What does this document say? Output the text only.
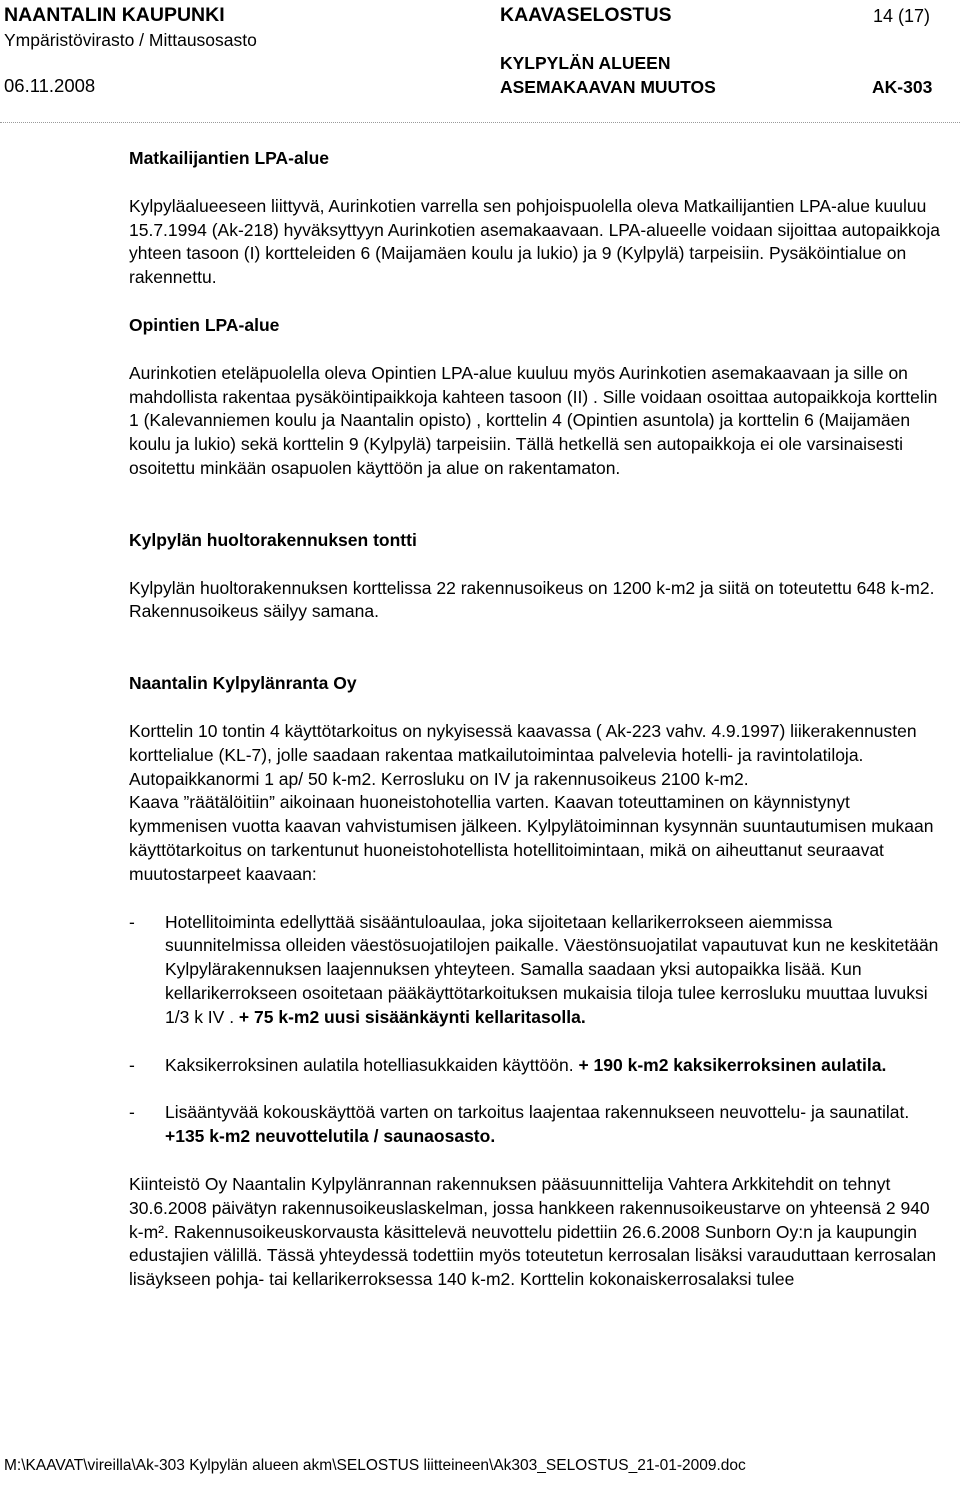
NAANTALIN KAUPUNKI
Ympäristövirasto / Mittausosasto
06.11.2008
KAAVASELOSTUS
KYLPYLÄN ALUEEN
ASEMAKAAVAN MUUTOS
14 (17)
AK-303

Matkailijantien LPA-alue

Kylpyläalueeseen liittyvä, Aurinkotien varrella sen pohjoispuolella oleva Matkailijantien LPA-alue kuuluu 15.7.1994 (Ak-218) hyväksyttyyn Aurinkotien asemakaavaan. LPA-alueelle voidaan sijoittaa autopaikkoja yhteen tasoon (I) kortteleiden 6 (Maijamäen koulu ja lukio) ja 9 (Kylpylä) tarpeisiin. Pysäköintialue on rakennettu.

Opintien LPA-alue

Aurinkotien eteläpuolella oleva Opintien LPA-alue kuuluu myös Aurinkotien asemakaavaan ja sille on mahdollista rakentaa pysäköintipaikkoja kahteen tasoon (II) . Sille voidaan osoittaa autopaikkoja korttelin 1 (Kalevanniemen koulu ja Naantalin opisto) , korttelin 4 (Opintien asuntola) ja korttelin 6 (Maijamäen koulu ja lukio) sekä korttelin 9 (Kylpylä) tarpeisiin. Tällä hetkellä sen autopaikkoja ei ole varsinaisesti osoitettu minkään osapuolen käyttöön ja alue on rakentamaton.

Kylpylän huoltorakennuksen tontti

Kylpylän huoltorakennuksen korttelissa 22 rakennusoikeus on 1200 k-m2 ja siitä on toteutettu 648 k-m2. Rakennusoikeus säilyy samana.

Naantalin Kylpylänranta Oy

Korttelin 10 tontin 4 käyttötarkoitus on nykyisessä kaavassa ( Ak-223 vahv. 4.9.1997) liikerakennusten korttelialue (KL-7), jolle saadaan rakentaa matkailutoimintaa palvelevia hotelli- ja ravintolatiloja. Autopaikkanormi 1 ap/ 50 k-m2. Kerrosluku on IV ja rakennusoikeus 2100 k-m2.

Kaava ”räätälöitiin” aikoinaan huoneistohotellia varten. Kaavan toteuttaminen on käynnistynyt kymmenisen vuotta kaavan vahvistumisen jälkeen. Kylpylätoiminnan kysynnän suuntautumisen mukaan käyttötarkoitus on tarkentunut huoneistohotellista hotellitoimintaan, mikä on aiheuttanut seuraavat muutostarpeet kaavaan:

- Hotellitoiminta edellyttää sisääntuloaulaa, joka sijoitetaan kellarikerrokseen aiemmissa suunnitelmissa olleiden väestösuojatilojen paikalle. Väestönsuojatilat vapautuvat kun ne keskitetään Kylpylärakennuksen laajennuksen yhteyteen. Samalla saadaan yksi autopaikka lisää. Kun kellarikerrokseen osoitetaan pääkäyttötarkoituksen mukaisia tiloja tulee kerrosluku muuttaa luvuksi 1/3 k IV . + 75 k-m2 uusi sisäänkäynti kellaritasolla.
- Kaksikerroksinen aulatila hotelliasukkaiden käyttöön. + 190 k-m2 kaksikerroksinen aulatila.
- Lisääntyvää kokouskäyttöä varten on tarkoitus laajentaa rakennukseen neuvottelu- ja saunatilat. +135 k-m2 neuvottelutila / saunaosasto.

Kiinteistö Oy Naantalin Kylpylänrannan rakennuksen pääsuunnittelija Vahtera Arkkitehdit on tehnyt 30.6.2008 päivätyn rakennusoikeuslaskelman, jossa hankkeen rakennusoikeustarve on yhteensä 2 940 k-m². Rakennusoikeuskorvausta käsittelevä neuvottelu pidettiin 26.6.2008 Sunborn Oy:n ja kaupungin edustajien välillä. Tässä yhteydessä todettiin myös toteutetun kerrosalan lisäksi varauduttaan kerrosalan lisäykseen pohja- tai kellarikerroksessa 140 k-m2. Korttelin kokonaiskerrosalaksi tulee

M:\KAAVAT\vireilla\Ak-303 Kylpylän alueen akm\SELOSTUS liitteineen\Ak303_SELOSTUS_21-01-2009.doc
